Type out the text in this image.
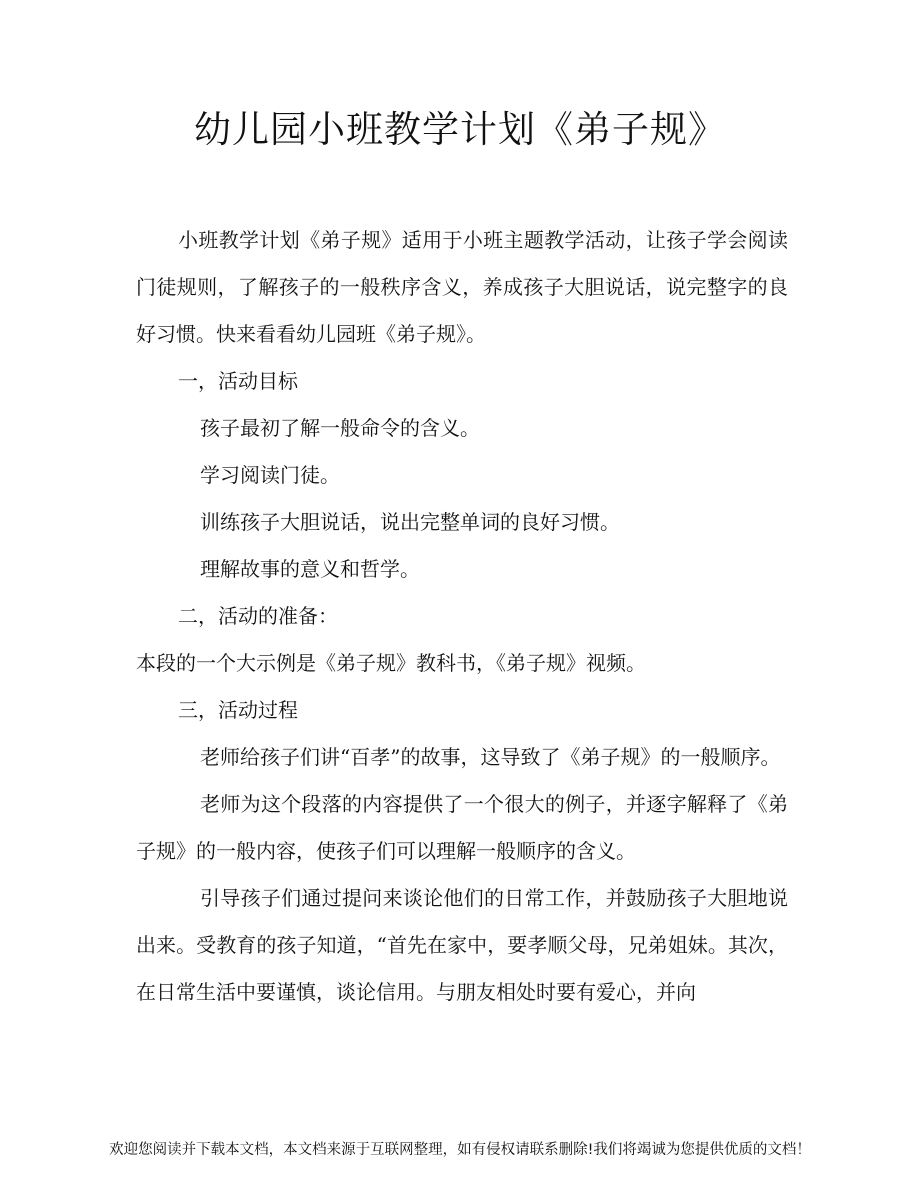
幼儿园小班教学计划《弟子规》

小班教学计划《弟子规》适用于小班主题教学活动，让孩子学会阅读门徒规则，了解孩子的一般秩序含义，养成孩子大胆说话，说完整字的良好习惯。快来看看幼儿园班《弟子规》。

一，活动目标

孩子最初了解一般命令的含义。

学习阅读门徒。

训练孩子大胆说话，说出完整单词的良好习惯。

理解故事的意义和哲学。

二，活动的准备：

本段的一个大示例是《弟子规》教科书，《弟子规》视频。

三，活动过程

老师给孩子们讲“百孝”的故事，这导致了《弟子规》的一般顺序。

老师为这个段落的内容提供了一个很大的例子，并逐字解释了《弟子规》的一般内容，使孩子们可以理解一般顺序的含义。

引导孩子们通过提问来谈论他们的日常工作，并鼓励孩子大胆地说出来。受教育的孩子知道，“首先在家中，要孝顺父母，兄弟姐妹。其次，在日常生活中要谨慎，谈论信用。与朋友相处时要有爱心，并向

欢迎您阅读并下载本文档，本文档来源于互联网整理，如有侵权请联系删除!我们将竭诚为您提供优质的文档！
